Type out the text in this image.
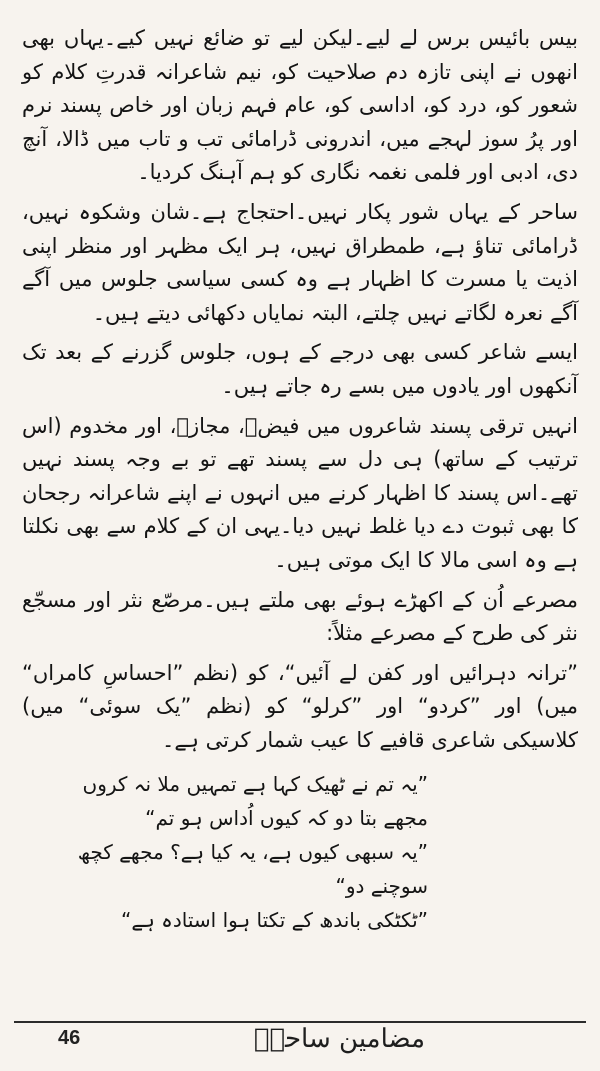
بیس بائیس برس لے لیے۔لیکن لیے تو ضائع نہیں کیے۔یہاں بھی انھوں نے اپنی تازہ دم صلاحیت کو، نیم شاعرانہ قدرتِ کلام کو شعور کو، درد کو، اداسی کو، عام فہم زبان اور خاص پسند نرم اور پرُ سوز لہجے میں، اندرونی ڈرامائی تب و تاب میں ڈالا، آنچ دی، ادبی اور فلمی نغمہ نگاری کو ہم آہنگ کردیا۔

ساحر کے یہاں شور پکار نہیں۔احتجاج ہے۔شان وشکوہ نہیں، ڈرامائی تناؤ ہے، طمطراق نہیں، ہر ایک مظہر اور منظر اپنی اذیت یا مسرت کا اظہار ہے وہ کسی سیاسی جلوس میں آگے آگے نعرہ لگاتے نہیں چلتے، البتہ نمایاں دکھائی دیتے ہیں۔

ایسے شاعر کسی بھی درجے کے ہوں، جلوس گزرنے کے بعد تک آنکھوں اور یادوں میں بسے رہ جاتے ہیں۔

انہیں ترقی پسند شاعروں میں فیضؔ، مجازؔ، اور مخدوم (اس ترتیب کے ساتھ) ہی دل سے پسند تھے تو بے وجہ پسند نہیں تھے۔اس پسند کا اظہار کرنے میں انہوں نے اپنے شاعرانہ رجحان کا بھی ثبوت دے دیا غلط نہیں دیا۔یہی ان کے کلام سے بھی نکلتا ہے وہ اسی مالا کا ایک موتی ہیں۔

مصرعے اُن کے اکھڑے ہوئے بھی ملتے ہیں۔مرصّع نثر اور مسجّع نثر کی طرح کے مصرعے مثلاً:

”ترانہ دہرائیں اور کفن لے آئیں“، کو (نظم ”احساسِ کامراں“ میں) اور ”کردو“ اور ”کرلو“ کو (نظم ”یک سوئی“ میں) کلاسیکی شاعری قافیے کا عیب شمار کرتی ہے۔

”یہ تم نے ٹھیک کہا ہے تمہیں ملا نہ کروں

مجھے بتا دو کہ کیوں اُداس ہو تم“

”یہ سبھی کیوں ہے، یہ کیا ہے؟ مجھے کچھ سوچنے دو“

”ٹکٹکی باندھ کے تکتا ہوا استادہ ہے“

46	مضامین ساحرؔ
